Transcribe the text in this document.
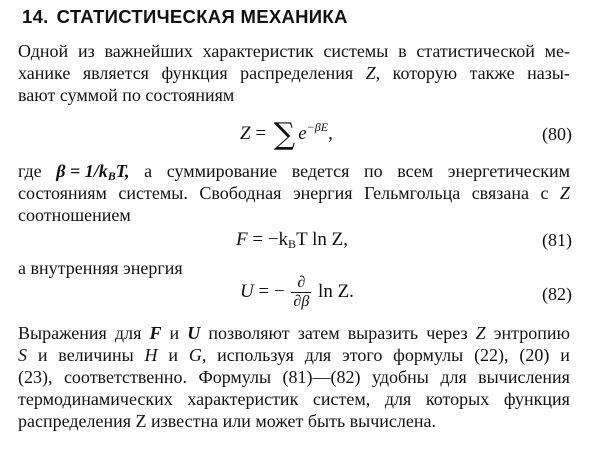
14. СТАТИСТИЧЕСКАЯ МЕХАНИКА
Одной из важнейших характеристик системы в статистической ме-
ханике является функция распределения Z, которую также назы-
вают суммой по состояниям
Z = ∑ $e^{-\beta E}$,	(80)
где $\beta = 1/k_BT$, а суммирование ведется по всем энергетическим
состояниям системы. Свободная энергия Гельмгольца связана с Z
соотношением
$F = -k_BT$ ln Z,	(81)
а внутренняя энергия
U = − $\frac{\partial}{\partial\beta}$ ln Z.	(82)
Выражения для F и U позволяют затем выразить через Z энтропию
S и величины H и G, используя для этого формулы (22), (20) и
(23), соответственно. Формулы (81)—(82) удобны для вычисления
термодинамических характеристик систем, для которых функция
распределения Z известна или может быть вычислена.
